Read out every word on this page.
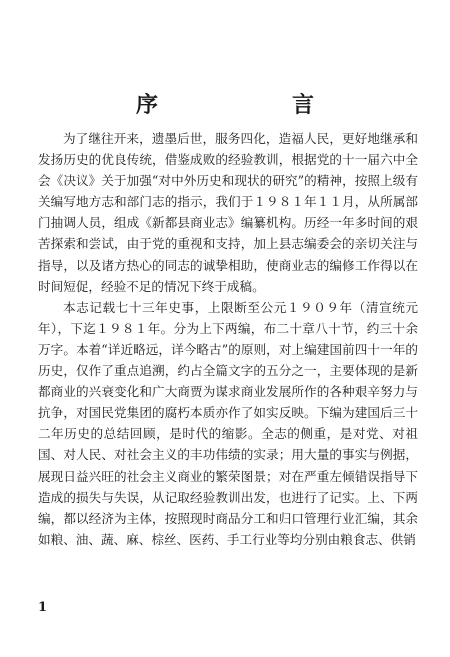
序　言

为了继往开来，遗墨后世，服务四化，造福人民，更好地继承和发扬历史的优良传统，借鉴成败的经验教训，根据党的十一届六中全会《决议》关于加强“对中外历史和现状的研究”的精神，按照上级有关编写地方志和部门志的指示，我们于１９８１年１１月，从所属部门抽调人员，组成《新都县商业志》编纂机构。历经一年多时间的艰苦探索和尝试，由于党的重视和支持，加上县志编委会的亲切关注与指导，以及诸方热心的同志的诚挚相助，使商业志的编修工作得以在时间短促，经验不足的情况下终于成稿。

本志记载七十三年史事，上限断至公元１９０９年（清宣统元年），下迄１９８１年。分为上下两编，布二十章八十节，约三十余万字。本着“详近略远，详今略古”的原则，对上编建国前四十一年的历史，仅作了重点追溯，约占全篇文字的五分之一，主要体现的是新都商业的兴衰变化和广大商贾为谋求商业发展所作的各种艰辛努力与抗争，对国民党集团的腐朽本质亦作了如实反映。下编为建国后三十二年历史的总结回顾，是时代的缩影。全志的侧重，是对党、对祖国、对人民、对社会主义的丰功伟绩的实录；用大量的事实与例据，展现日益兴旺的社会主义商业的繁荣图景；对在严重左倾错误指导下造成的损失与失误，从记取经验教训出发，也进行了记实。上、下两编，都以经济为主体，按照现时商品分工和归口管理行业汇编，其余如粮、油、蔬、麻、棕丝、医药、手工行业等均分别由粮食志、供销

1
